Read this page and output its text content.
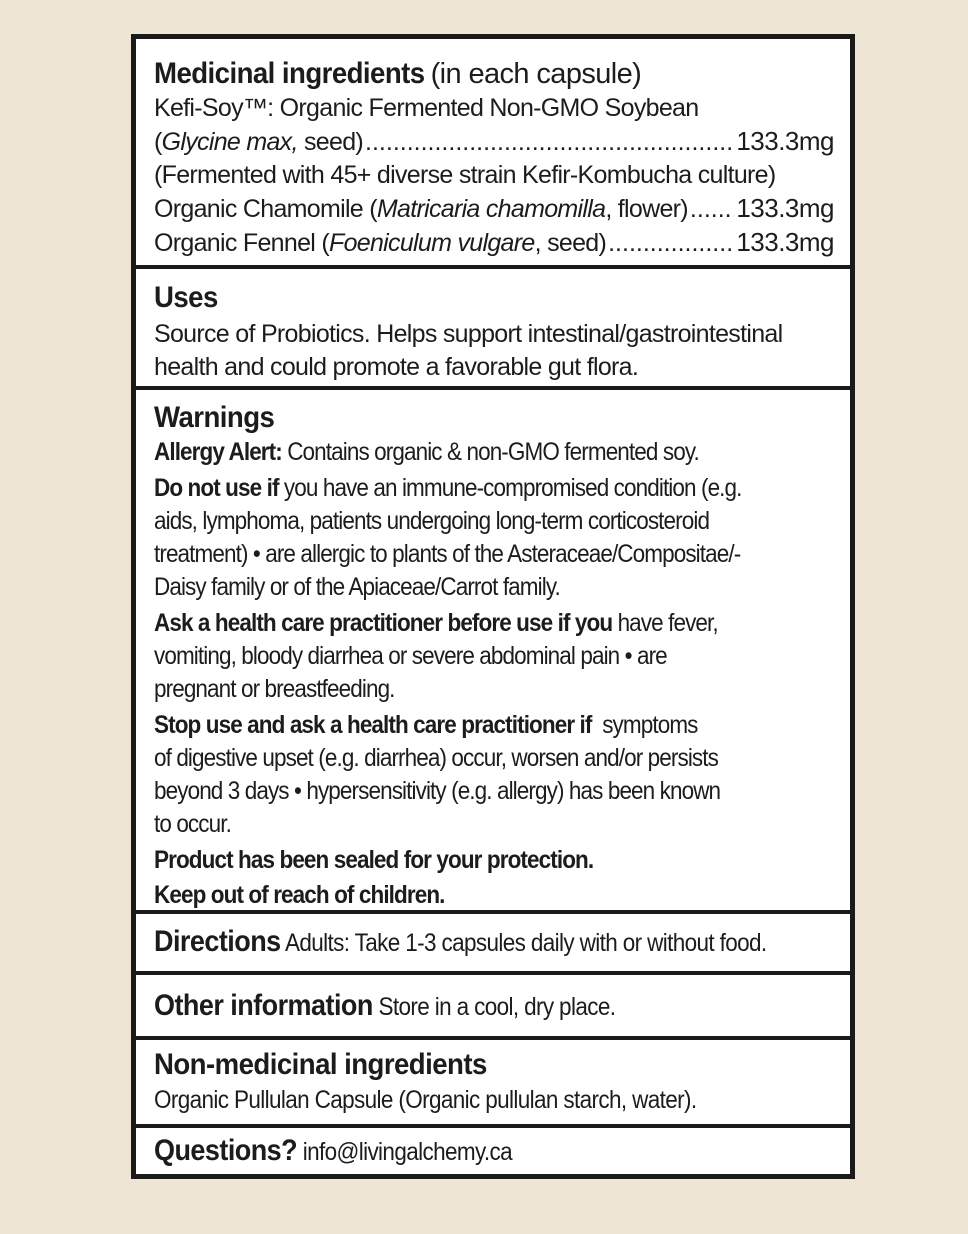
Medicinal ingredients (in each capsule)
Kefi-Soy™: Organic Fermented Non-GMO Soybean
(Glycine max, seed) .....	133.3mg
(Fermented with 45+ diverse strain Kefir-Kombucha culture)
Organic Chamomile (Matricaria chamomilla, flower) ..... 133.3mg
Organic Fennel (Foeniculum vulgare, seed) .....	133.3mg
Uses
Source of Probiotics. Helps support intestinal/gastrointestinal
health and could promote a favorable gut flora.
Warnings
Allergy Alert: Contains organic & non-GMO fermented soy.
Do not use if you have an immune-compromised condition (e.g.
aids, lymphoma, patients undergoing long-term corticosteroid
treatment) • are allergic to plants of the Asteraceae/Compositae/-
Daisy family or of the Apiaceae/Carrot family.
Ask a health care practitioner before use if you have fever,
vomiting, bloody diarrhea or severe abdominal pain • are
pregnant or breastfeeding.
Stop use and ask a health care practitioner if  symptoms
of digestive upset (e.g. diarrhea) occur, worsen and/or persists
beyond 3 days • hypersensitivity (e.g. allergy) has been known
to occur.
Product has been sealed for your protection.
Keep out of reach of children.
Directions Adults: Take 1-3 capsules daily with or without food.
Other information Store in a cool, dry place.
Non-medicinal ingredients
Organic Pullulan Capsule (Organic pullulan starch, water).
Questions? info@livingalchemy.ca
